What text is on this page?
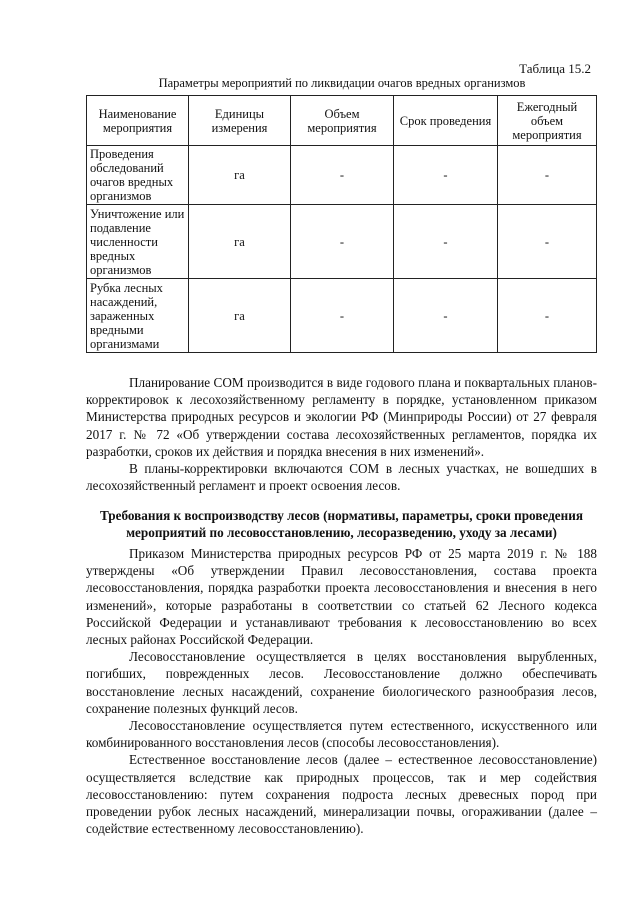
Таблица 15.2
Параметры мероприятий по ликвидации очагов вредных организмов
Наименование мероприятия	Единицы измерения	Объем мероприятия	Срок проведения	Ежегодный объем мероприятия
Проведения обследований очагов вредных организмов	га	-	-	-
Уничтожение или подавление численности вредных организмов	га	-	-	-
Рубка лесных насаждений, зараженных вредными организмами	га	-	-	-

Планирование СОМ производится в виде годового плана и поквартальных планов-корректировок к лесохозяйственному регламенту в порядке, установленном приказом Министерства природных ресурсов и экологии РФ (Минприроды России) от 27 февраля 2017 г. № 72 «Об утверждении состава лесохозяйственных регламентов, порядка их разработки, сроков их действия и порядка внесения в них изменений».

В планы-корректировки включаются СОМ в лесных участках, не вошедших в лесохозяйственный регламент и проект освоения лесов.

Требования к воспроизводству лесов (нормативы, параметры, сроки проведения мероприятий по лесовосстановлению, лесоразведению, уходу за лесами)

Приказом Министерства природных ресурсов РФ от 25 марта 2019 г. № 188 утверждены «Об утверждении Правил лесовосстановления, состава проекта лесовосстановления, порядка разработки проекта лесовосстановления и внесения в него изменений», которые разработаны в соответствии со статьей 62 Лесного кодекса Российской Федерации и устанавливают требования к лесовосстановлению во всех лесных районах Российской Федерации.

Лесовосстановление осуществляется в целях восстановления вырубленных, погибших, поврежденных лесов. Лесовосстановление должно обеспечивать восстановление лесных насаждений, сохранение биологического разнообразия лесов, сохранение полезных функций лесов.

Лесовосстановление осуществляется путем естественного, искусственного или комбинированного восстановления лесов (способы лесовосстановления).

Естественное восстановление лесов (далее – естественное лесовосстановление) осуществляется вследствие как природных процессов, так и мер содействия лесовосстановлению: путем сохранения подроста лесных древесных пород при проведении рубок лесных насаждений, минерализации почвы, огораживании (далее – содействие естественному лесовосстановлению).
